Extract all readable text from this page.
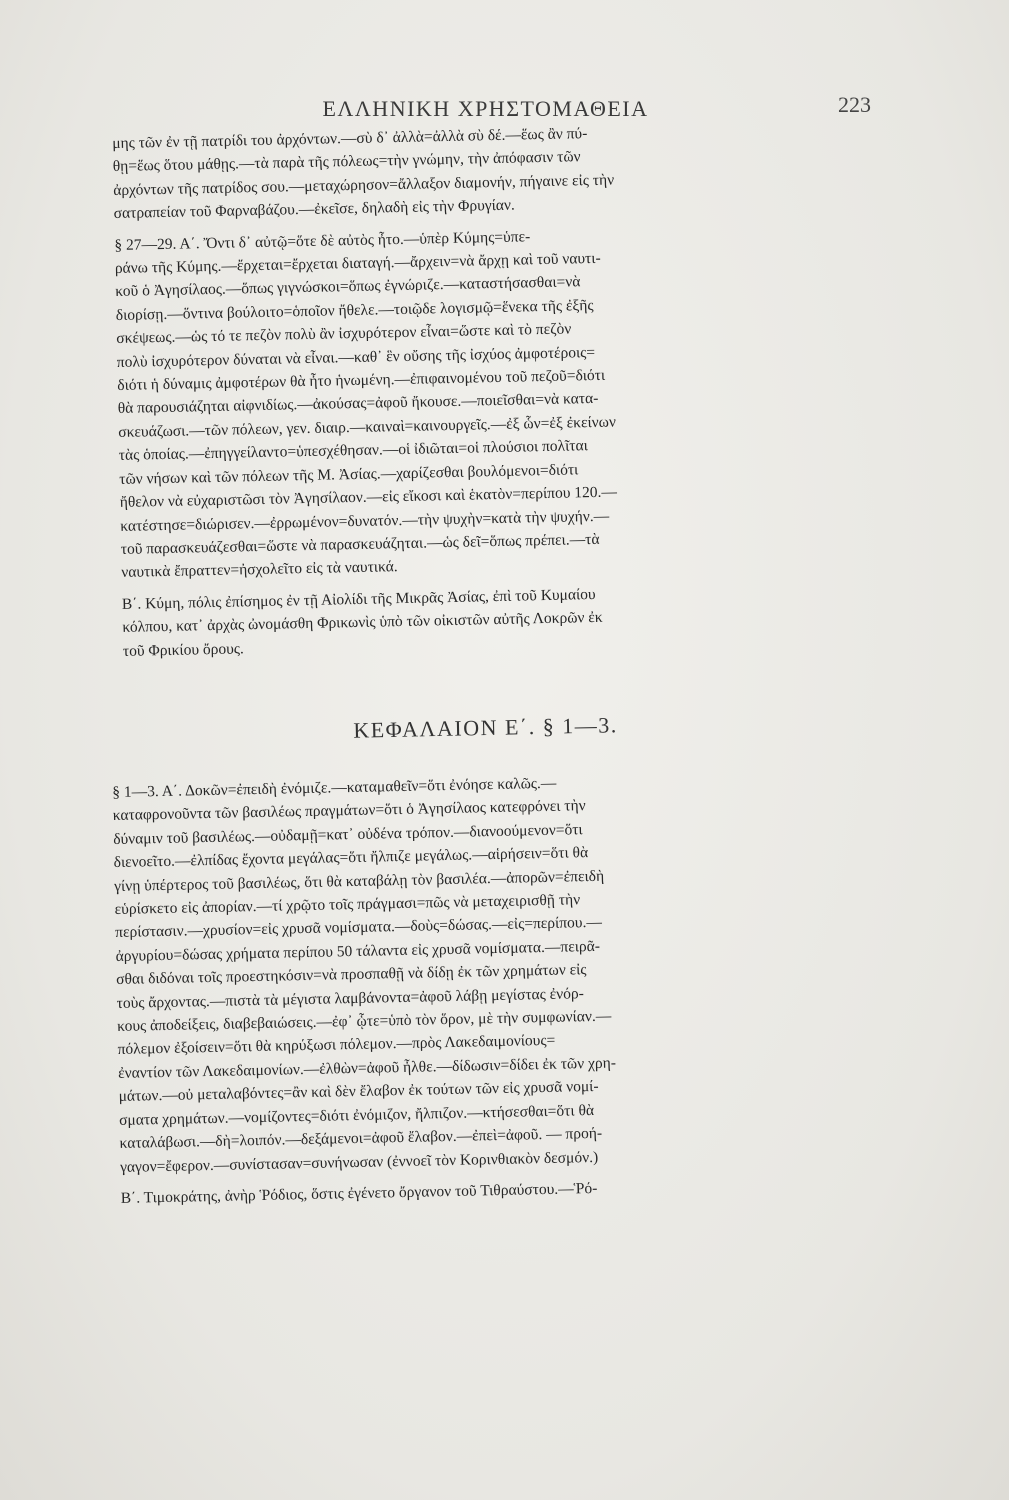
ΕΛΛΗΝΙΚΗ ΧΡΗΣΤΟΜΑΘΕΙΑ	223

μης τῶν ἐν τῇ πατρίδι του ἀρχόντων.—σὺ δ᾽ ἀλλὰ=ἀλλὰ σὺ δέ.—ἕως ἂν πύ-

θῃ=ἕως ὅτου μάθῃς.—τὰ παρὰ τῆς πόλεως=τὴν γνώμην, τὴν ἀπόφασιν τῶν

ἀρχόντων τῆς πατρίδος σου.—μεταχώρησον=ἄλλαξον διαμονήν, πήγαινε εἰς τὴν

σατραπείαν τοῦ Φαρναβάζου.—ἐκεῖσε, δηλαδὴ εἰς τὴν Φρυγίαν.

§ 27—29. Α΄. Ὄντι δ᾽ αὐτῷ=ὅτε δὲ αὐτὸς ἦτο.—ὑπὲρ Κύμης=ὑπε-

ράνω τῆς Κύμης.—ἔρχεται=ἔρχεται διαταγή.—ἄρχειν=νὰ ἄρχῃ καὶ τοῦ ναυτι-

κοῦ ὁ Ἀγησίλαος.—ὅπως γιγνώσκοι=ὅπως ἐγνώριζε.—καταστήσασθαι=νὰ

διορίσῃ.—ὅντινα βούλοιτο=ὁποῖον ἤθελε.—τοιῷδε λογισμῷ=ἕνεκα τῆς ἐξῆς

σκέψεως.—ὡς τό τε πεζὸν πολὺ ἂν ἰσχυρότερον εἶναι=ὥστε καὶ τὸ πεζὸν

πολὺ ἰσχυρότερον δύναται νὰ εἶναι.—καθ᾽ ἓν οὔσης τῆς ἰσχύος ἀμφοτέροις=

διότι ἡ δύναμις ἀμφοτέρων θὰ ἦτο ἡνωμένη.—ἐπιφαινομένου τοῦ πεζοῦ=διότι

θὰ παρουσιάζηται αἰφνιδίως.—ἀκούσας=ἀφοῦ ἤκουσε.—ποιεῖσθαι=νὰ κατα-

σκευάζωσι.—τῶν πόλεων, γεν. διαιρ.—καιναὶ=καινουργεῖς.—ἐξ ὧν=ἐξ ἐκείνων

τὰς ὁποίας.—ἐπηγγείλαντο=ὑπεσχέθησαν.—οἱ ἰδιῶται=οἱ πλούσιοι πολῖται

τῶν νήσων καὶ τῶν πόλεων τῆς Μ. Ἀσίας.—χαρίζεσθαι βουλόμενοι=διότι

ἤθελον νὰ εὐχαριστῶσι τὸν Ἀγησίλαον.—εἰς εἴκοσι καὶ ἑκατὸν=περίπου 120.—

κατέστησε=διώρισεν.—ἐρρωμένον=δυνατόν.—τὴν ψυχὴν=κατὰ τὴν ψυχήν.—

τοῦ παρασκευάζεσθαι=ὥστε νὰ παρασκευάζηται.—ὡς δεῖ=ὅπως πρέπει.—τὰ

ναυτικὰ ἔπραττεν=ἠσχολεῖτο εἰς τὰ ναυτικά.

Β΄. Κύμη, πόλις ἐπίσημος ἐν τῇ Αἰολίδι τῆς Μικρᾶς Ἀσίας, ἐπὶ τοῦ Κυμαίου

κόλπου, κατ᾽ ἀρχὰς ὠνομάσθη Φρικωνὶς ὑπὸ τῶν οἰκιστῶν αὐτῆς Λοκρῶν ἐκ

τοῦ Φρικίου ὄρους.

ΚΕΦΑΛΑΙΟΝ Ε΄. § 1—3.

§ 1—3. Α΄. Δοκῶν=ἐπειδὴ ἐνόμιζε.—καταμαθεῖν=ὅτι ἐνόησε καλῶς.—

καταφρονοῦντα τῶν βασιλέως πραγμάτων=ὅτι ὁ Ἀγησίλαος κατεφρόνει τὴν

δύναμιν τοῦ βασιλέως.—οὐδαμῇ=κατ᾽ οὐδένα τρόπον.—διανοούμενον=ὅτι

διενοεῖτο.—ἐλπίδας ἔχοντα μεγάλας=ὅτι ἤλπιζε μεγάλως.—αἱρήσειν=ὅτι θὰ

γίνῃ ὑπέρτερος τοῦ βασιλέως, ὅτι θὰ καταβάλῃ τὸν βασιλέα.—ἀπορῶν=ἐπειδὴ

εὑρίσκετο εἰς ἀπορίαν.—τί χρῷτο τοῖς πράγμασι=πῶς νὰ μεταχειρισθῇ τὴν

περίστασιν.—χρυσίον=εἰς χρυσᾶ νομίσματα.—δοὺς=δώσας.—εἰς=περίπου.—

ἀργυρίου=δώσας χρήματα περίπου 50 τάλαντα εἰς χρυσᾶ νομίσματα.—πειρᾶ-

σθαι διδόναι τοῖς προεστηκόσιν=νὰ προσπαθῇ νὰ δίδῃ ἐκ τῶν χρημάτων εἰς

τοὺς ἄρχοντας.—πιστὰ τὰ μέγιστα λαμβάνοντα=ἀφοῦ λάβῃ μεγίστας ἐνόρ-

κους ἀποδείξεις, διαβεβαιώσεις.—ἐφ᾽ ᾧτε=ὑπὸ τὸν ὅρον, μὲ τὴν συμφωνίαν.—

πόλεμον ἐξοίσειν=ὅτι θὰ κηρύξωσι πόλεμον.—πρὸς Λακεδαιμονίους=

ἐναντίον τῶν Λακεδαιμονίων.—ἐλθὼν=ἀφοῦ ἦλθε.—δίδωσιν=δίδει ἐκ τῶν χρη-

μάτων.—οὐ μεταλαβόντες=ἂν καὶ δὲν ἔλαβον ἐκ τούτων τῶν εἰς χρυσᾶ νομί-

σματα χρημάτων.—νομίζοντες=διότι ἐνόμιζον, ἤλπιζον.—κτήσεσθαι=ὅτι θὰ

καταλάβωσι.—δὴ=λοιπόν.—δεξάμενοι=ἀφοῦ ἔλαβον.—ἐπεὶ=ἀφοῦ. — προή-

γαγον=ἔφερον.—συνίστασαν=συνήνωσαν (ἐννοεῖ τὸν Κορινθιακὸν δεσμόν.)

Β΄. Τιμοκράτης, ἀνὴρ Ῥόδιος, ὅστις ἐγένετο ὄργανον τοῦ Τιθραύστου.—Ῥό-
